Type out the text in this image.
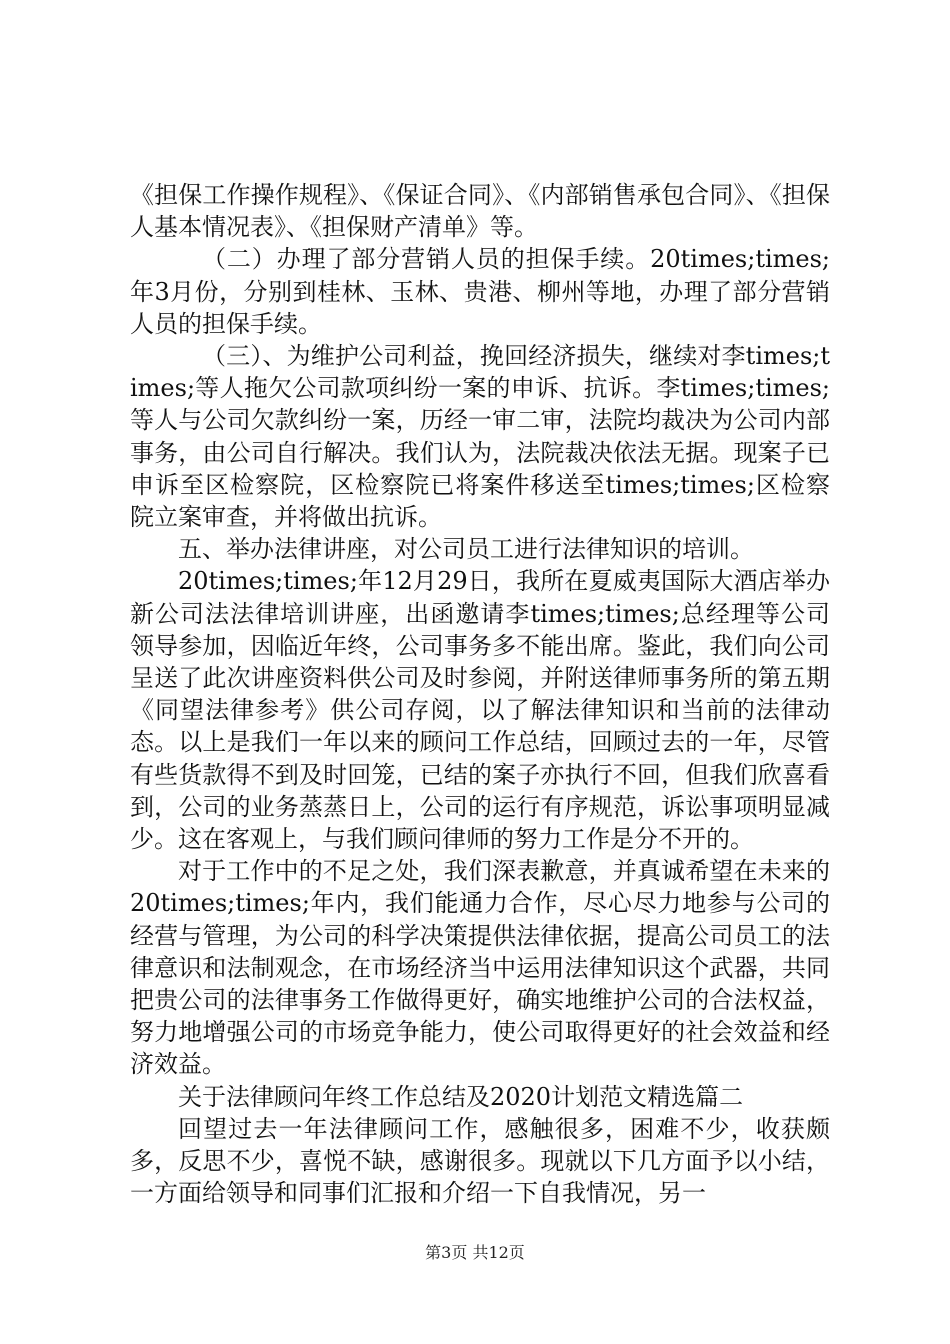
《担保工作操作规程》、《保证合同》、《内部销售承包合同》、《担保人基本情况表》、《担保财产清单》等。

（二）办理了部分营销人员的担保手续。20times;times;年3月份，分别到桂林、玉林、贵港、柳州等地，办理了部分营销人员的担保手续。

（三）、为维护公司利益，挽回经济损失，继续对李times;times;等人拖欠公司款项纠纷一案的申诉、抗诉。李times;times;等人与公司欠款纠纷一案，历经一审二审，法院均裁决为公司内部事务，由公司自行解决。我们认为，法院裁决依法无据。现案子已申诉至区检察院，区检察院已将案件移送至times;times;区检察院立案审查，并将做出抗诉。

五、举办法律讲座，对公司员工进行法律知识的培训。

20times;times;年12月29日，我所在夏威夷国际大酒店举办新公司法法律培训讲座，出函邀请李times;times;总经理等公司领导参加，因临近年终，公司事务多不能出席。鉴此，我们向公司呈送了此次讲座资料供公司及时参阅，并附送律师事务所的第五期《同望法律参考》供公司存阅，以了解法律知识和当前的法律动态。以上是我们一年以来的顾问工作总结，回顾过去的一年，尽管有些货款得不到及时回笼，已结的案子亦执行不回，但我们欣喜看到，公司的业务蒸蒸日上，公司的运行有序规范，诉讼事项明显减少。这在客观上，与我们顾问律师的努力工作是分不开的。

对于工作中的不足之处，我们深表歉意，并真诚希望在未来的20times;times;年内，我们能通力合作，尽心尽力地参与公司的经营与管理，为公司的科学决策提供法律依据，提高公司员工的法律意识和法制观念，在市场经济当中运用法律知识这个武器，共同把贵公司的法律事务工作做得更好，确实地维护公司的合法权益，努力地增强公司的市场竞争能力，使公司取得更好的社会效益和经济效益。

关于法律顾问年终工作总结及2020计划范文精选篇二

回望过去一年法律顾问工作，感触很多，困难不少，收获颇多，反思不少，喜悦不缺，感谢很多。现就以下几方面予以小结，一方面给领导和同事们汇报和介绍一下自我情况，另一

第3页 共12页
